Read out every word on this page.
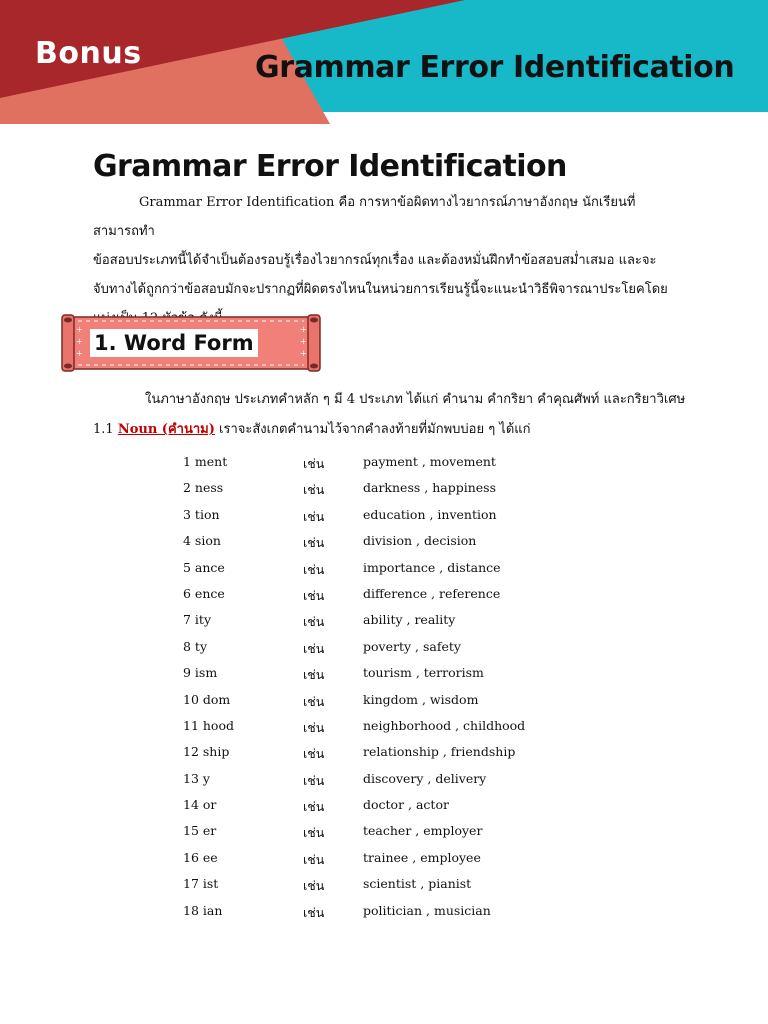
Bonus	Grammar Error Identification
Grammar Error Identification
Grammar Error Identification คือ การหาข้อผิดทางไวยากรณ์ภาษาอังกฤษ นักเรียนที่สามารถทำ
ข้อสอบประเภทนี้ได้จำเป็นต้องรอบรู้เรื่องไวยากรณ์ทุกเรื่อง และต้องหมั่นฝึกทำข้อสอบสม่ำเสมอ และจะ
จับทางได้ถูกกว่าข้อสอบมักจะปรากฏที่ผิดตรงไหนในหน่วยการเรียนรู้นี้จะแนะนำวิธีพิจารณาประโยคโดย
+
+
+
+
+
+
1. Word Form
ในภาษาอังกฤษ ประเภทคำหลัก ๆ มี 4 ประเภท ได้แก่ คำนาม คำกริยา คำคุณศัพท์ และกริยาวิเศษ
1.1 Noun (คำนาม) เราจะสังเกตคำนามไว้จากคำลงท้ายที่มักพบบ่อย ๆ ได้แก่
1 ment	เช่น	payment , movement
2 ness	เช่น	darkness , happiness
3 tion	เช่น	education , invention
4 sion	เช่น	division , decision
5 ance	เช่น	importance , distance
6 ence	เช่น	difference , reference
7 ity	เช่น	ability , reality
8 ty	เช่น	poverty , safety
9 ism	เช่น	tourism , terrorism
10 dom	เช่น	kingdom , wisdom
11 hood	เช่น	neighborhood , childhood
12 ship	เช่น	relationship , friendship
13 y	เช่น	discovery , delivery
14 or	เช่น	doctor , actor
15 er	เช่น	teacher , employer
16 ee	เช่น	trainee , employee
17 ist	เช่น	scientist , pianist
18 ian	เช่น	politician , musician
